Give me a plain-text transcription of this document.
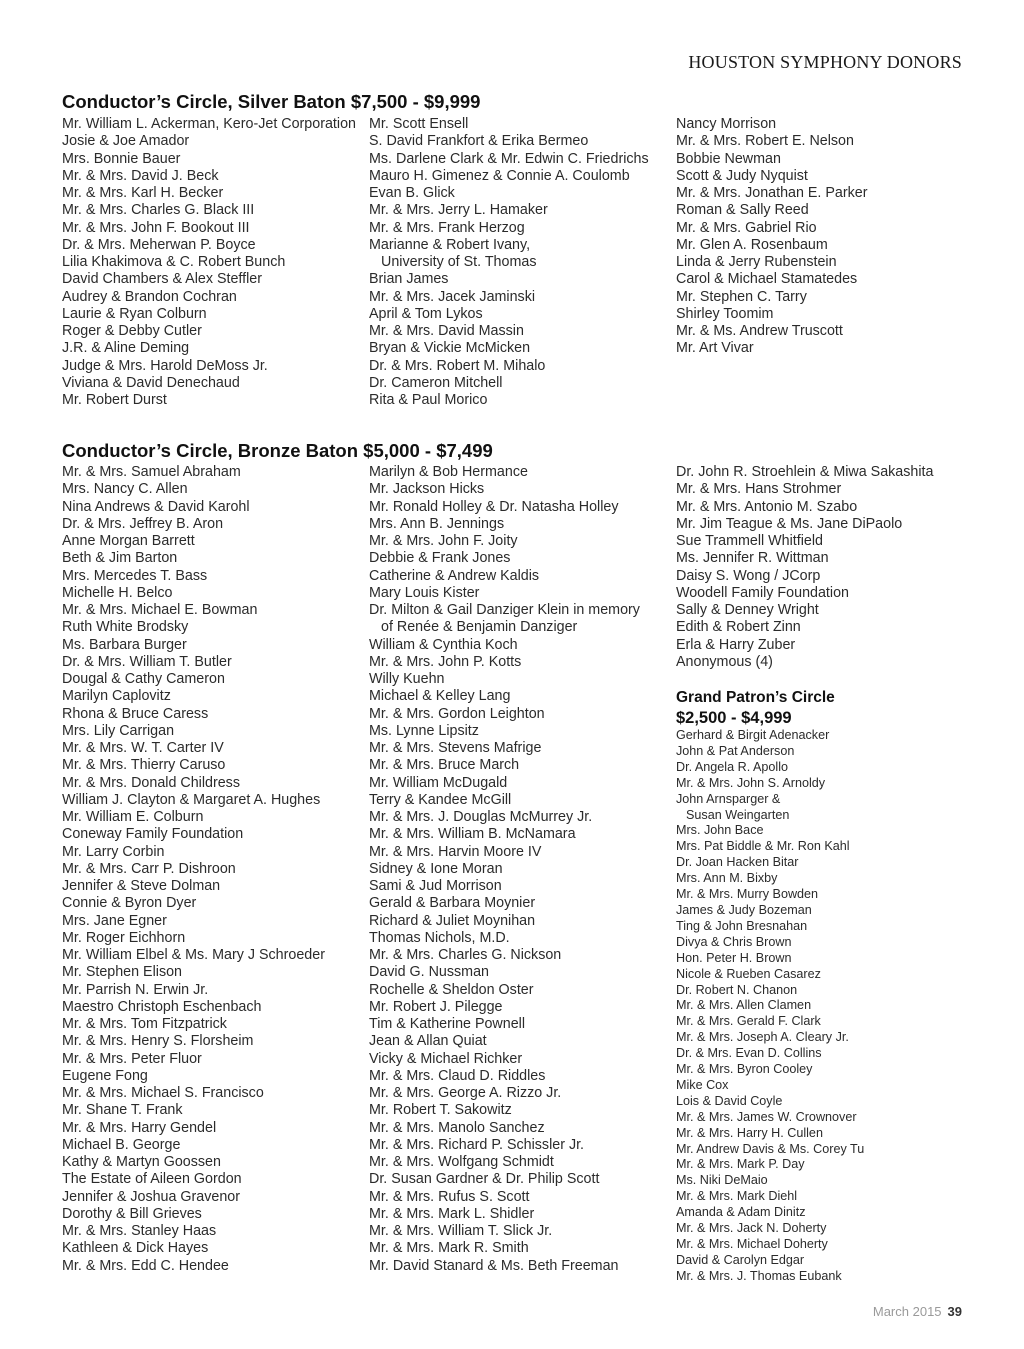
HOUSTON SYMPHONY DONORS
Conductor’s Circle, Silver Baton $7,500 - $9,999
Mr. William L. Ackerman, Kero-Jet Corporation
Josie & Joe Amador
Mrs. Bonnie Bauer
Mr. & Mrs. David J. Beck
Mr. & Mrs. Karl H. Becker
Mr. & Mrs. Charles G. Black III
Mr. & Mrs. John F. Bookout III
Dr. & Mrs. Meherwan P. Boyce
Lilia Khakimova & C. Robert Bunch
David Chambers & Alex Steffler
Audrey & Brandon Cochran
Laurie & Ryan Colburn
Roger & Debby Cutler
J.R. & Aline Deming
Judge & Mrs. Harold DeMoss Jr.
Viviana & David Denechaud
Mr. Robert Durst
Mr. Scott Ensell
S. David Frankfort & Erika Bermeo
Ms. Darlene Clark & Mr. Edwin C. Friedrichs
Mauro H. Gimenez & Connie A. Coulomb
Evan B. Glick
Mr. & Mrs. Jerry L. Hamaker
Mr. & Mrs. Frank Herzog
Marianne & Robert Ivany,
University of St. Thomas
Brian James
Mr. & Mrs. Jacek Jaminski
April & Tom Lykos
Mr. & Mrs. David Massin
Bryan & Vickie McMicken
Dr. & Mrs. Robert M. Mihalo
Dr. Cameron Mitchell
Rita & Paul Morico
Nancy Morrison
Mr. & Mrs. Robert E. Nelson
Bobbie Newman
Scott & Judy Nyquist
Mr. & Mrs. Jonathan E. Parker
Roman & Sally Reed
Mr. & Mrs. Gabriel Rio
Mr. Glen A. Rosenbaum
Linda & Jerry Rubenstein
Carol & Michael Stamatedes
Mr. Stephen C. Tarry
Shirley Toomim
Mr. & Ms. Andrew Truscott
Mr. Art Vivar
Conductor’s Circle, Bronze Baton $5,000 - $7,499
Mr. & Mrs. Samuel Abraham
Mrs. Nancy C. Allen
Nina Andrews & David Karohl
Dr. & Mrs. Jeffrey B. Aron
Anne Morgan Barrett
Beth & Jim Barton
Mrs. Mercedes T. Bass
Michelle H. Belco
Mr. & Mrs. Michael E. Bowman
Ruth White Brodsky
Ms. Barbara Burger
Dr. & Mrs. William T. Butler
Dougal & Cathy Cameron
Marilyn Caplovitz
Rhona & Bruce Caress
Mrs. Lily Carrigan
Mr. & Mrs. W. T. Carter IV
Mr. & Mrs. Thierry Caruso
Mr. & Mrs. Donald Childress
William J. Clayton & Margaret A. Hughes
Mr. William E. Colburn
Coneway Family Foundation
Mr. Larry Corbin
Mr. & Mrs. Carr P. Dishroon
Jennifer & Steve Dolman
Connie & Byron Dyer
Mrs. Jane Egner
Mr. Roger Eichhorn
Mr. William Elbel & Ms. Mary J Schroeder
Mr. Stephen Elison
Mr. Parrish N. Erwin Jr.
Maestro Christoph Eschenbach
Mr. & Mrs. Tom Fitzpatrick
Mr. & Mrs. Henry S. Florsheim
Mr. & Mrs. Peter Fluor
Eugene Fong
Mr. & Mrs. Michael S. Francisco
Mr. Shane T. Frank
Mr. & Mrs. Harry Gendel
Michael B. George
Kathy & Martyn Goossen
The Estate of Aileen Gordon
Jennifer & Joshua Gravenor
Dorothy & Bill Grieves
Mr. & Mrs. Stanley Haas
Kathleen & Dick Hayes
Mr. & Mrs. Edd C. Hendee
Marilyn & Bob Hermance
Mr. Jackson Hicks
Mr. Ronald Holley & Dr. Natasha Holley
Mrs. Ann B. Jennings
Mr. & Mrs. John F. Joity
Debbie & Frank Jones
Catherine & Andrew Kaldis
Mary Louis Kister
Dr. Milton & Gail Danziger Klein in memory
of Renée & Benjamin Danziger
William & Cynthia Koch
Mr. & Mrs. John P. Kotts
Willy Kuehn
Michael & Kelley Lang
Mr. & Mrs. Gordon Leighton
Ms. Lynne Lipsitz
Mr. & Mrs. Stevens Mafrige
Mr. & Mrs. Bruce March
Mr. William McDugald
Terry & Kandee McGill
Mr. & Mrs. J. Douglas McMurrey Jr.
Mr. & Mrs. William B. McNamara
Mr. & Mrs. Harvin Moore IV
Sidney & Ione Moran
Sami & Jud Morrison
Gerald & Barbara Moynier
Richard & Juliet Moynihan
Thomas Nichols, M.D.
Mr. & Mrs. Charles G. Nickson
David G. Nussman
Rochelle & Sheldon Oster
Mr. Robert J. Pilegge
Tim & Katherine Pownell
Jean & Allan Quiat
Vicky & Michael Richker
Mr. & Mrs. Claud D. Riddles
Mr. & Mrs. George A. Rizzo Jr.
Mr. Robert T. Sakowitz
Mr. & Mrs. Manolo Sanchez
Mr. & Mrs. Richard P. Schissler Jr.
Mr. & Mrs. Wolfgang Schmidt
Dr. Susan Gardner & Dr. Philip Scott
Mr. & Mrs. Rufus S. Scott
Mr. & Mrs. Mark L. Shidler
Mr. & Mrs. William T. Slick Jr.
Mr. & Mrs. Mark R. Smith
Mr. David Stanard & Ms. Beth Freeman
Dr. John R. Stroehlein & Miwa Sakashita
Mr. & Mrs. Hans Strohmer
Mr. & Mrs. Antonio M. Szabo
Mr. Jim Teague & Ms. Jane DiPaolo
Sue Trammell Whitfield
Ms. Jennifer R. Wittman
Daisy S. Wong / JCorp
Woodell Family Foundation
Sally & Denney Wright
Edith & Robert Zinn
Erla & Harry Zuber
Anonymous (4)
Grand Patron’s Circle
$2,500 - $4,999
Gerhard & Birgit Adenacker
John & Pat Anderson
Dr. Angela R. Apollo
Mr. & Mrs. John S. Arnoldy
John Arnsparger &
Susan Weingarten
Mrs. John Bace
Mrs. Pat Biddle & Mr. Ron Kahl
Dr. Joan Hacken Bitar
Mrs. Ann M. Bixby
Mr. & Mrs. Murry Bowden
James & Judy Bozeman
Ting & John Bresnahan
Divya & Chris Brown
Hon. Peter H. Brown
Nicole & Rueben Casarez
Dr. Robert N. Chanon
Mr. & Mrs. Allen Clamen
Mr. & Mrs. Gerald F. Clark
Mr. & Mrs. Joseph A. Cleary Jr.
Dr. & Mrs. Evan D. Collins
Mr. & Mrs. Byron Cooley
Mike Cox
Lois & David Coyle
Mr. & Mrs. James W. Crownover
Mr. & Mrs. Harry H. Cullen
Mr. Andrew Davis & Ms. Corey Tu
Mr. & Mrs. Mark P. Day
Ms. Niki DeMaio
Mr. & Mrs. Mark Diehl
Amanda & Adam Dinitz
Mr. & Mrs. Jack N. Doherty
Mr. & Mrs. Michael Doherty
David & Carolyn Edgar
Mr. & Mrs. J. Thomas Eubank
March 2015 39
